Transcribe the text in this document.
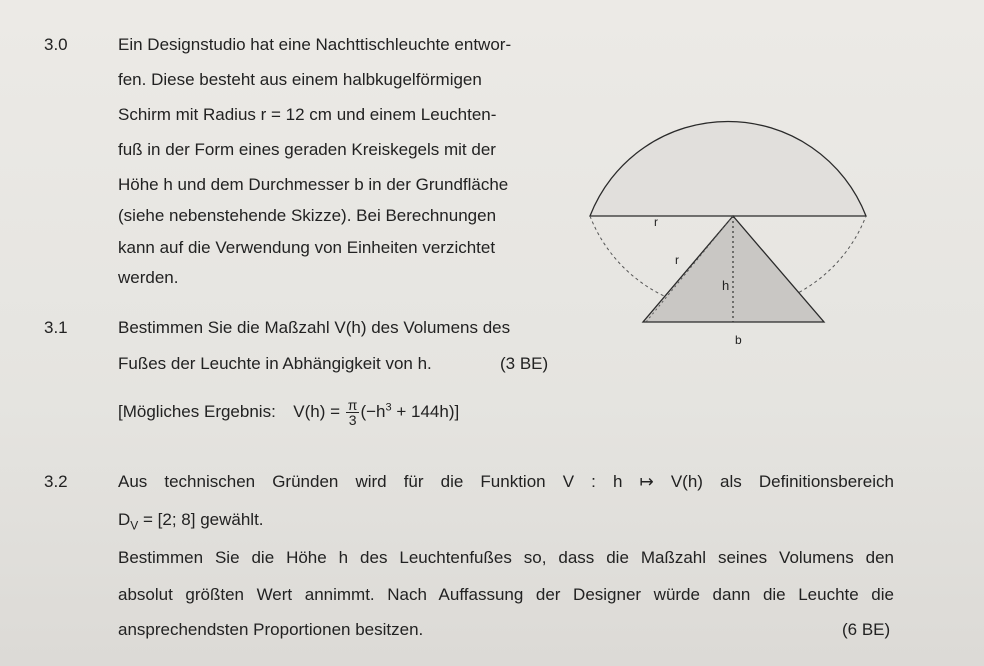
r
r
h
b
3.0	Ein Designstudio hat eine Nachttischleuchte entwor-
fen. Diese besteht aus einem halbkugelförmigen
Schirm mit Radius r = 12 cm und einem Leuchten-
fuß in der Form eines geraden Kreiskegels mit der
Höhe h und dem Durchmesser b in der Grundfläche
(siehe nebenstehende Skizze). Bei Berechnungen
kann auf die Verwendung von Einheiten verzichtet
werden.
3.1	Bestimmen Sie die Maßzahl V(h) des Volumens des
Fußes der Leuchte in Abhängigkeit von h.	(3 BE)
[Mögliches Ergebnis: $V(h) = \frac{\pi}{3} (-h^3 + 144h)$]
3.2	Aus technischen Gründen wird für die Funktion V : h ↦ V(h) als Definitionsbereich
$D_V = [2$; 8] gewählt.
Bestimmen Sie die Höhe h des Leuchtenfußes so, dass die Maßzahl seines Volumens den
absolut größten Wert annimmt. Nach Auffassung der Designer würde dann die Leuchte die
ansprechendsten Proportionen besitzen.	(6 BE)
